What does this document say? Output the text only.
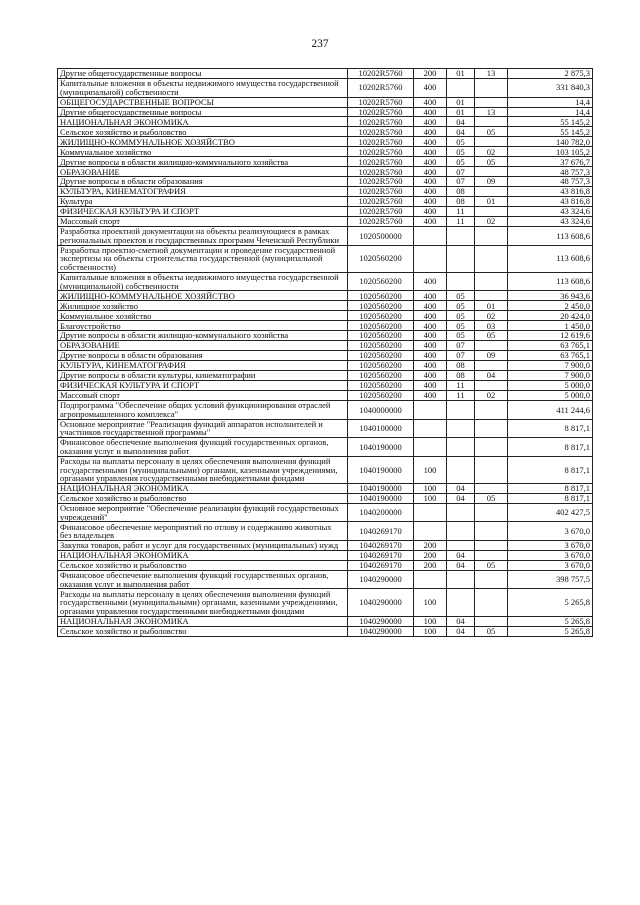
237
Другие общегосударственные вопросы	10202R5760	200	01	13	2 875,3
Капитальные вложения в объекты недвижимого имущества государственной (муниципальной) собственности	10202R5760	400			331 840,3
ОБЩЕГОСУДАРСТВЕННЫЕ ВОПРОСЫ	10202R5760	400	01		14,4
Другие общегосударственные вопросы	10202R5760	400	01	13	14,4
НАЦИОНАЛЬНАЯ ЭКОНОМИКА	10202R5760	400	04		55 145,2
Сельское хозяйство и рыболовство	10202R5760	400	04	05	55 145,2
ЖИЛИЩНО-КОММУНАЛЬНОЕ ХОЗЯЙСТВО	10202R5760	400	05		140 782,0
Коммунальное хозяйство	10202R5760	400	05	02	103 105,2
Другие вопросы в области жилищно-коммунального хозяйства	10202R5760	400	05	05	37 676,7
ОБРАЗОВАНИЕ	10202R5760	400	07		48 757,3
Другие вопросы в области образования	10202R5760	400	07	09	48 757,3
КУЛЬТУРА, КИНЕМАТОГРАФИЯ	10202R5760	400	08		43 816,8
Культура	10202R5760	400	08	01	43 816,8
ФИЗИЧЕСКАЯ КУЛЬТУРА И СПОРТ	10202R5760	400	11		43 324,6
Массовый спорт	10202R5760	400	11	02	43 324,6
Разработка проектной документации на объекты реализующиеся в рамках региональных проектов и государственных программ Чеченской Республики	1020500000				113 608,6
Разработка проектно-сметной документации и проведение государственной экспертизы на объекты строительства государственной (муниципальной собственности)	1020560200				113 608,6
Капитальные вложения в объекты недвижимого имущества государственной (муниципальной) собственности	1020560200	400			113 608,6
ЖИЛИЩНО-КОММУНАЛЬНОЕ ХОЗЯЙСТВО	1020560200	400	05		36 943,6
Жилищное хозяйство	1020560200	400	05	01	2 450,0
Коммунальное хозяйство	1020560200	400	05	02	20 424,0
Благоустройство	1020560200	400	05	03	1 450,0
Другие вопросы в области жилищно-коммунального хозяйства	1020560200	400	05	05	12 619,6
ОБРАЗОВАНИЕ	1020560200	400	07		63 765,1
Другие вопросы в области образования	1020560200	400	07	09	63 765,1
КУЛЬТУРА, КИНЕМАТОГРАФИЯ	1020560200	400	08		7 900,0
Другие вопросы в области культуры, кинематографии	1020560200	400	08	04	7 900,0
ФИЗИЧЕСКАЯ КУЛЬТУРА И СПОРТ	1020560200	400	11		5 000,0
Массовый спорт	1020560200	400	11	02	5 000,0
Подпрограмма "Обеспечение общих условий функционирования отраслей агропромышленного комплекса"	1040000000				411 244,6
Основное мероприятие "Реализация функций аппаратов исполнителей и участников государственной программы"	1040100000				8 817,1
Финансовое обеспечение выполнения функций государственных органов, оказания услуг и выполнения работ	1040190000				8 817,1
Расходы на выплаты персоналу в целях обеспечения выполнения функций государственными (муниципальными) органами, казенными учреждениями, органами управления государственными внебюджетными фондами	1040190000	100			8 817,1
НАЦИОНАЛЬНАЯ ЭКОНОМИКА	1040190000	100	04		8 817,1
Сельское хозяйство и рыболовство	1040190000	100	04	05	8 817,1
Основное мероприятие "Обеспечение реализации функций государственных учреждений"	1040200000				402 427,5
Финансовое обеспечение мероприятий по отлову и содержанию животных без владельцев	1040269170				3 670,0
Закупка товаров, работ и услуг для государственных (муниципальных) нужд	1040269170	200			3 670,0
НАЦИОНАЛЬНАЯ ЭКОНОМИКА	1040269170	200	04		3 670,0
Сельское хозяйство и рыболовство	1040269170	200	04	05	3 670,0
Финансовое обеспечение выполнения функций государственных органов, оказания услуг и выполнения работ	1040290000				398 757,5
Расходы на выплаты персоналу в целях обеспечения выполнения функций государственными (муниципальными) органами, казенными учреждениями, органами управления государственными внебюджетными фондами	1040290000	100			5 265,8
НАЦИОНАЛЬНАЯ ЭКОНОМИКА	1040290000	100	04		5 265,8
Сельское хозяйство и рыболовство	1040290000	100	04	05	5 265,8
